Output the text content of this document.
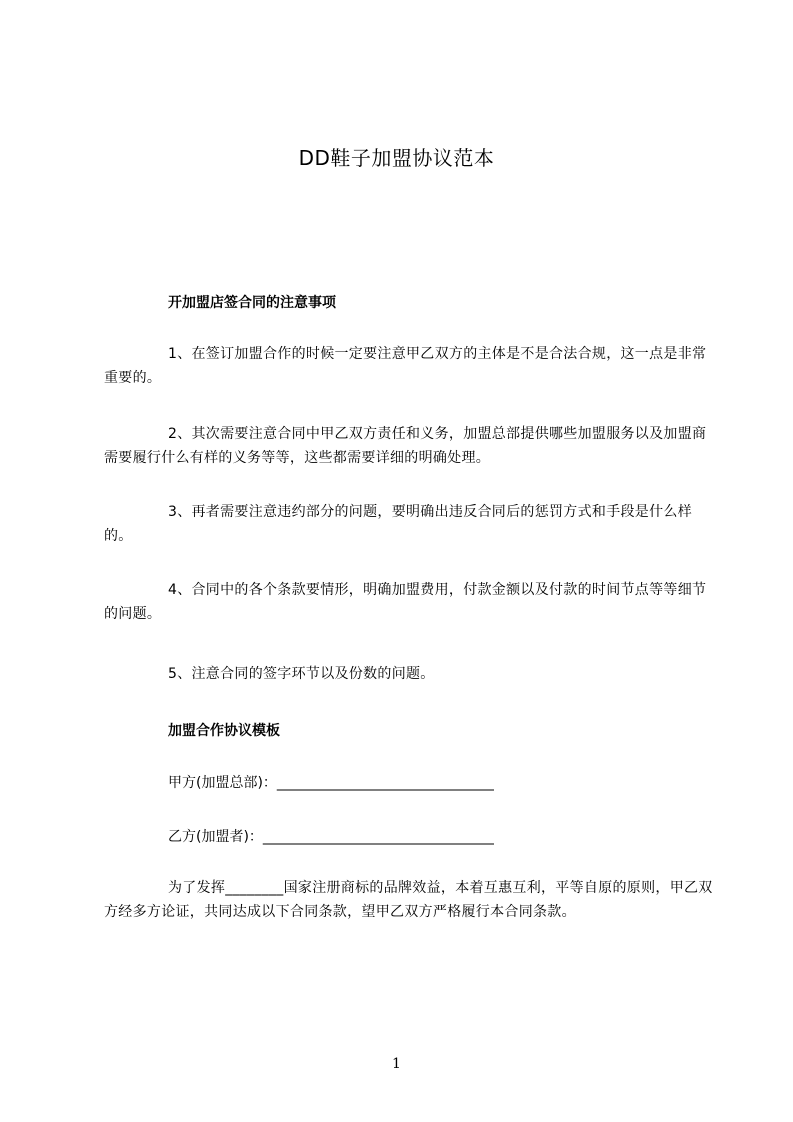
DD鞋子加盟协议范本
开加盟店签合同的注意事项
1、在签订加盟合作的时候一定要注意甲乙双方的主体是不是合法合规，这一点是非常重要的。
2、其次需要注意合同中甲乙双方责任和义务，加盟总部提供哪些加盟服务以及加盟商需要履行什么有样的义务等等，这些都需要详细的明确处理。
3、再者需要注意违约部分的问题，要明确出违反合同后的惩罚方式和手段是什么样的。
4、合同中的各个条款要情形，明确加盟费用，付款金额以及付款的时间节点等等细节的问题。
5、注意合同的签字环节以及份数的问题。
加盟合作协议模板
甲方(加盟总部)：_______________________________
乙方(加盟者)：_________________________________
为了发挥________国家注册商标的品牌效益，本着互惠互利，平等自原的原则，甲乙双方经多方论证，共同达成以下合同条款，望甲乙双方严格履行本合同条款。
1
